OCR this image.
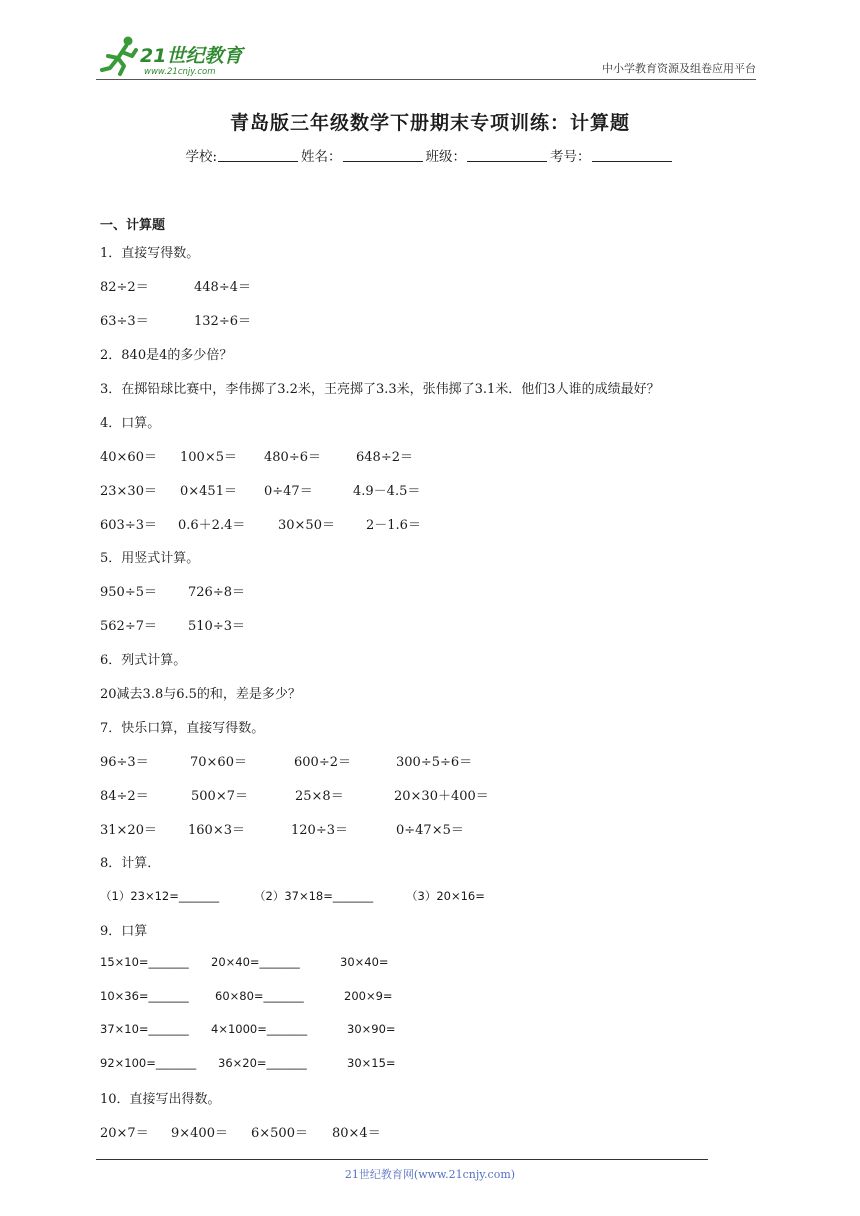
21世纪教育
www.21cnjy.com	中小学教育资源及组卷应用平台
青岛版三年级数学下册期末专项训练：计算题
学校:	姓名：	班级：	考号：
一、计算题
1．直接写得数。
82÷2＝	448÷4＝
63÷3＝	132÷6＝
2．840是4的多少倍？
3．在掷铅球比赛中，李伟掷了3.2米，王亮掷了3.3米，张伟掷了3.1米．他们3人谁的成绩最好？
4．口算。
40×60＝ 100×5＝ 480÷6＝	648÷2＝
23×30＝ 0×451＝ 0÷47＝	4.9－4.5＝
603÷3＝ 0.6＋2.4＝	30×50＝ 2－1.6＝
5．用竖式计算。
950÷5＝ 726÷8＝
562÷7＝ 510÷3＝
6．列式计算。
20减去3.8与6.5的和，差是多少？
7．快乐口算，直接写得数。
96÷3＝	70×60＝	600÷2＝	300÷5÷6＝
84÷2＝	500×7＝	25×8＝	20×30＋400＝
31×20＝ 160×3＝	120÷3＝	0÷47×5＝
8．计算．
（1）23×12=_______	（2）37×18=_______	（3）20×16=
9．口算
15×10=_______ 20×40=_______	30×40=
10×36=_______ 60×80=_______	200×9=
37×10=_______ 4×1000=_______	30×90=
92×100=_______ 36×20=_______	30×15=
10．直接写出得数。
20×7＝ 9×400＝ 6×500＝ 80×4＝
21世纪教育网(www.21cnjy.com)
